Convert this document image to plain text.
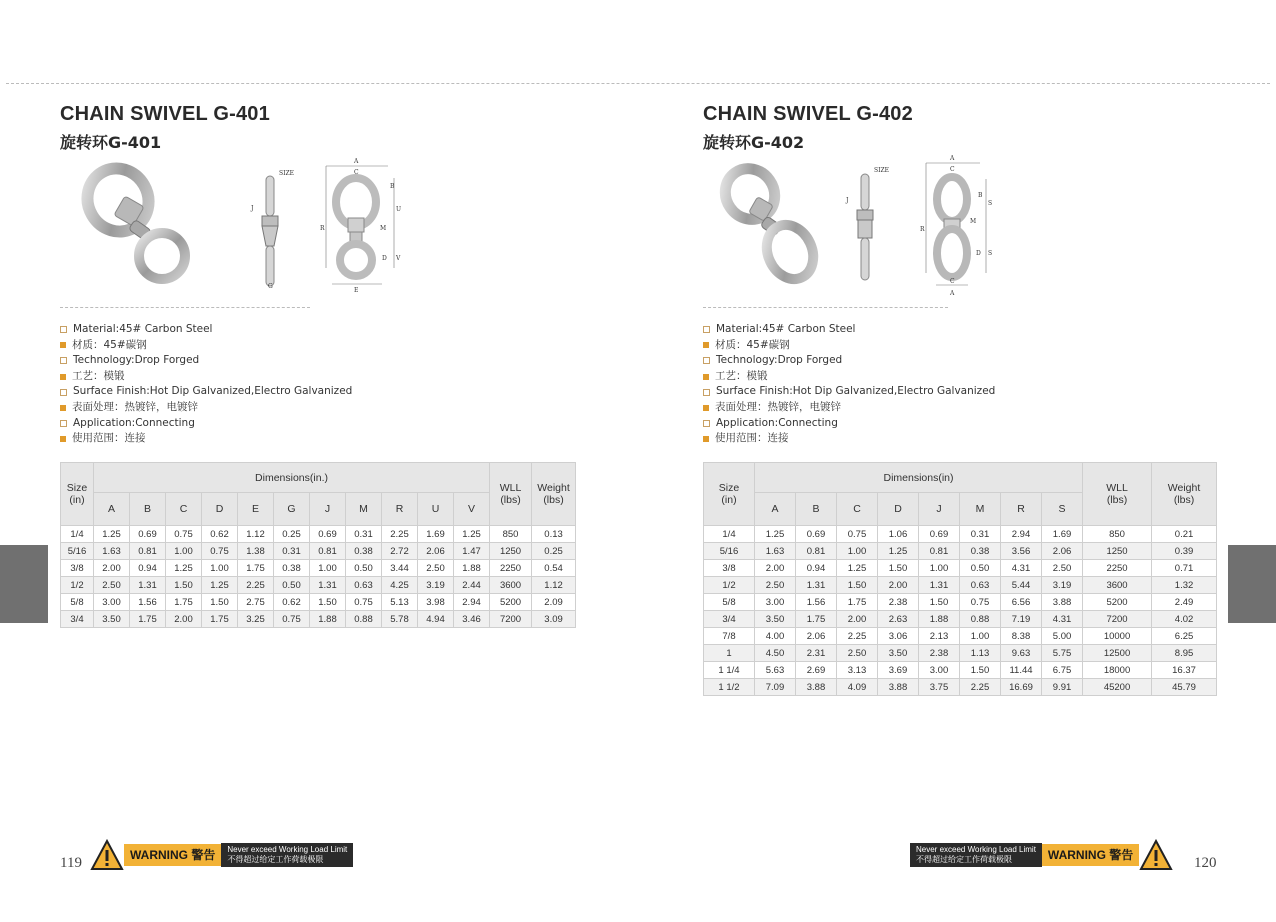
CHAIN SWIVEL G-401
旋转环G-401
SIZE
J
G
A
C
R
B
U
M
D V
E
Material:45# Carbon Steel
材质：45#碳钢
Technology:Drop Forged
工艺：模锻
Surface Finish:Hot Dip Galvanized,Electro Galvanized
表面处理：热镀锌，电镀锌
Application:Connecting
使用范围：连接
Size
(in)	Dimensions(in.)											WLL
(lbs)	Weight
(lbs)
	A	B	C	D	E	G	J	M	R	U	V		
1/4	1.25	0.69	0.75	0.62	1.12	0.25	0.69	0.31	2.25	1.69	1.25	850	0.13
5/16	1.63	0.81	1.00	0.75	1.38	0.31	0.81	0.38	2.72	2.06	1.47	1250	0.25
3/8	2.00	0.94	1.25	1.00	1.75	0.38	1.00	0.50	3.44	2.50	1.88	2250	0.54
1/2	2.50	1.31	1.50	1.25	2.25	0.50	1.31	0.63	4.25	3.19	2.44	3600	1.12
5/8	3.00	1.56	1.75	1.50	2.75	0.62	1.50	0.75	5.13	3.98	2.94	5200	2.09
3/4	3.50	1.75	2.00	1.75	3.25	0.75	1.88	0.88	5.78	4.94	3.46	7200	3.09
119	WARNING 警告	Never exceed Working Load Limit
不得超过给定工作荷载极限
CHAIN SWIVEL G-402
旋转环G-402
SIZE
J
A
C
R
B
S
M
D S
C
A
Material:45# Carbon Steel
材质：45#碳钢
Technology:Drop Forged
工艺：模锻
Surface Finish:Hot Dip Galvanized,Electro Galvanized
表面处理：热镀锌，电镀锌
Application:Connecting
使用范围：连接
Size
(in)	Dimensions(in)								WLL
(lbs)	Weight
(lbs)
	A	B	C	D	J	M	R	S		
1/4	1.25	0.69	0.75	1.06	0.69	0.31	2.94	1.69	850	0.21
5/16	1.63	0.81	1.00	1.25	0.81	0.38	3.56	2.06	1250	0.39
3/8	2.00	0.94	1.25	1.50	1.00	0.50	4.31	2.50	2250	0.71
1/2	2.50	1.31	1.50	2.00	1.31	0.63	5.44	3.19	3600	1.32
5/8	3.00	1.56	1.75	2.38	1.50	0.75	6.56	3.88	5200	2.49
3/4	3.50	1.75	2.00	2.63	1.88	0.88	7.19	4.31	7200	4.02
7/8	4.00	2.06	2.25	3.06	2.13	1.00	8.38	5.00	10000	6.25
1	4.50	2.31	2.50	3.50	2.38	1.13	9.63	5.75	12500	8.95
1 1/4	5.63	2.69	3.13	3.69	3.00	1.50	11.44	6.75	18000	16.37
1 1/2	7.09	3.88	4.09	3.88	3.75	2.25	16.69	9.91	45200	45.79
Never exceed Working Load Limit
不得超过给定工作荷载极限	WARNING 警告	120
